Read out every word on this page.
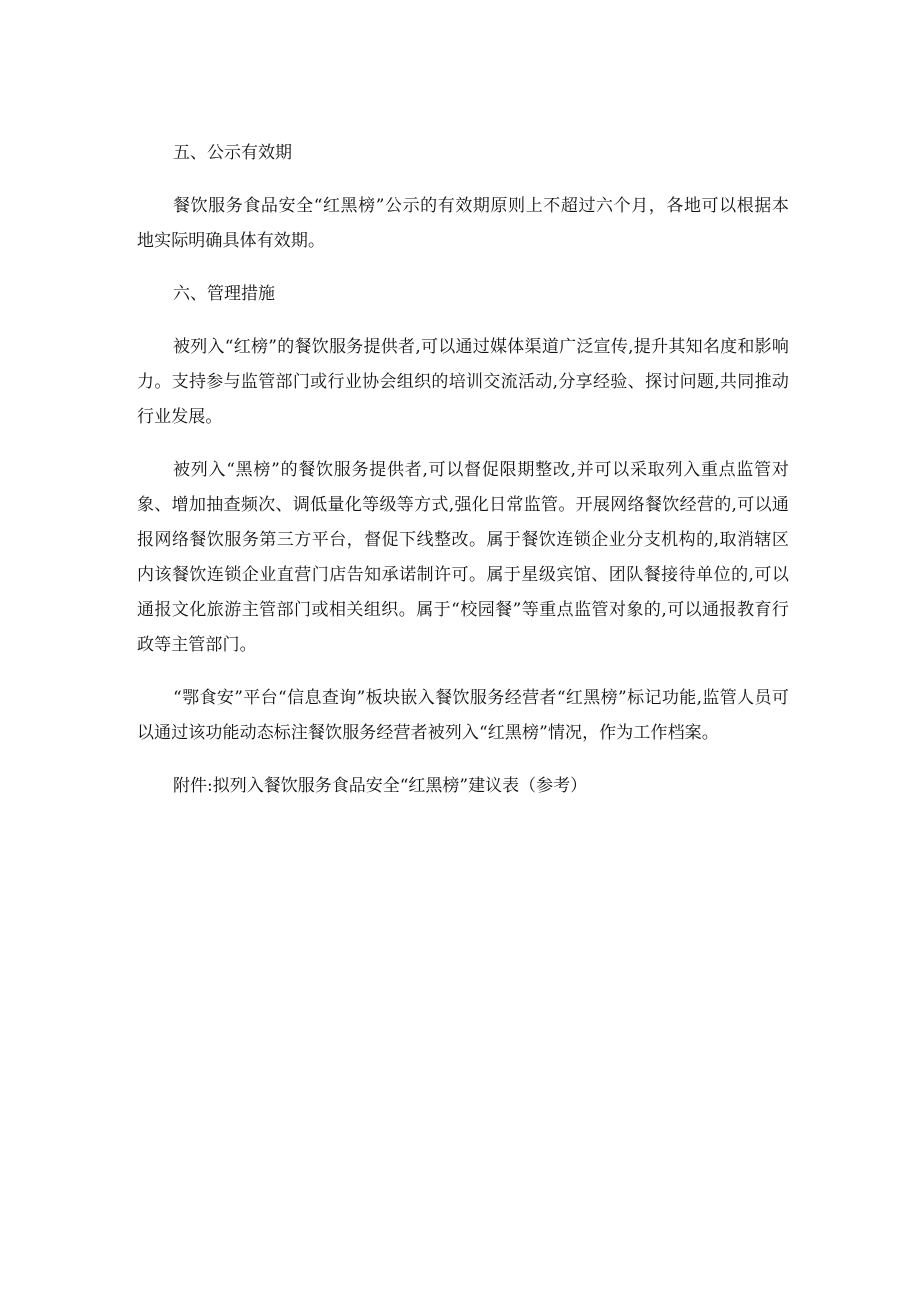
五、公示有效期

餐饮服务食品安全“红黑榜”公示的有效期原则上不超过六个月，各地可以根据本地实际明确具体有效期。

六、管理措施

被列入“红榜”的餐饮服务提供者,可以通过媒体渠道广泛宣传,提升其知名度和影响力。支持参与监管部门或行业协会组织的培训交流活动,分享经验、探讨问题,共同推动行业发展。

被列入“黑榜”的餐饮服务提供者,可以督促限期整改,并可以采取列入重点监管对象、增加抽查频次、调低量化等级等方式,强化日常监管。开展网络餐饮经营的,可以通报网络餐饮服务第三方平台，督促下线整改。属于餐饮连锁企业分支机构的,取消辖区内该餐饮连锁企业直营门店告知承诺制许可。属于星级宾馆、团队餐接待单位的,可以通报文化旅游主管部门或相关组织。属于“校园餐”等重点监管对象的,可以通报教育行政等主管部门。

“鄂食安”平台“信息查询”板块嵌入餐饮服务经营者“红黑榜”标记功能,监管人员可以通过该功能动态标注餐饮服务经营者被列入“红黑榜”情况，作为工作档案。

附件:拟列入餐饮服务食品安全“红黑榜”建议表（参考）
